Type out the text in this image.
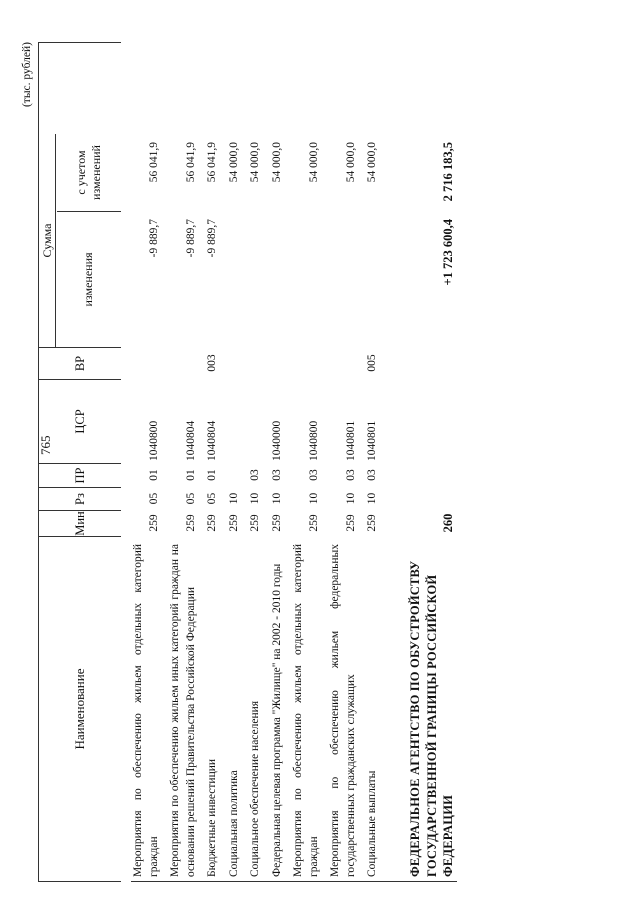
765
(тыс. рублей)
Наименование
Мин
Рз
ПР
ЦСР
ВР
Сумма
изменения
с учетом изменений
Мероприятия по обеспечению жильем отдельных категорий граждан
259
05
01
1040800
-9 889,7
56 041,9
Мероприятия по обеспечению жильем иных категорий граждан на основании решений Правительства Российской Федерации
259
05
01
1040804
-9 889,7
56 041,9
Бюджетные инвестиции
259
05
01
1040804
003
-9 889,7
56 041,9
Социальная политика
259
10
54 000,0
Социальное обеспечение населения
259
10
03
54 000,0
Федеральная целевая программа "Жилище" на 2002 - 2010 годы
259
10
03
1040000
54 000,0
Мероприятия по обеспечению жильем отдельных категорий граждан
259
10
03
1040800
54 000,0
Мероприятия по обеспечению жильем федеральных государственных гражданских служащих
259
10
03
1040801
54 000,0
Социальные выплаты
259
10
03
1040801
005
54 000,0
ФЕДЕРАЛЬНОЕ АГЕНТСТВО ПО ОБУСТРОЙСТВУ ГОСУДАРСТВЕННОЙ ГРАНИЦЫ РОССИЙСКОЙ ФЕДЕРАЦИИ
260
+1 723 600,4
2 716 183,5
